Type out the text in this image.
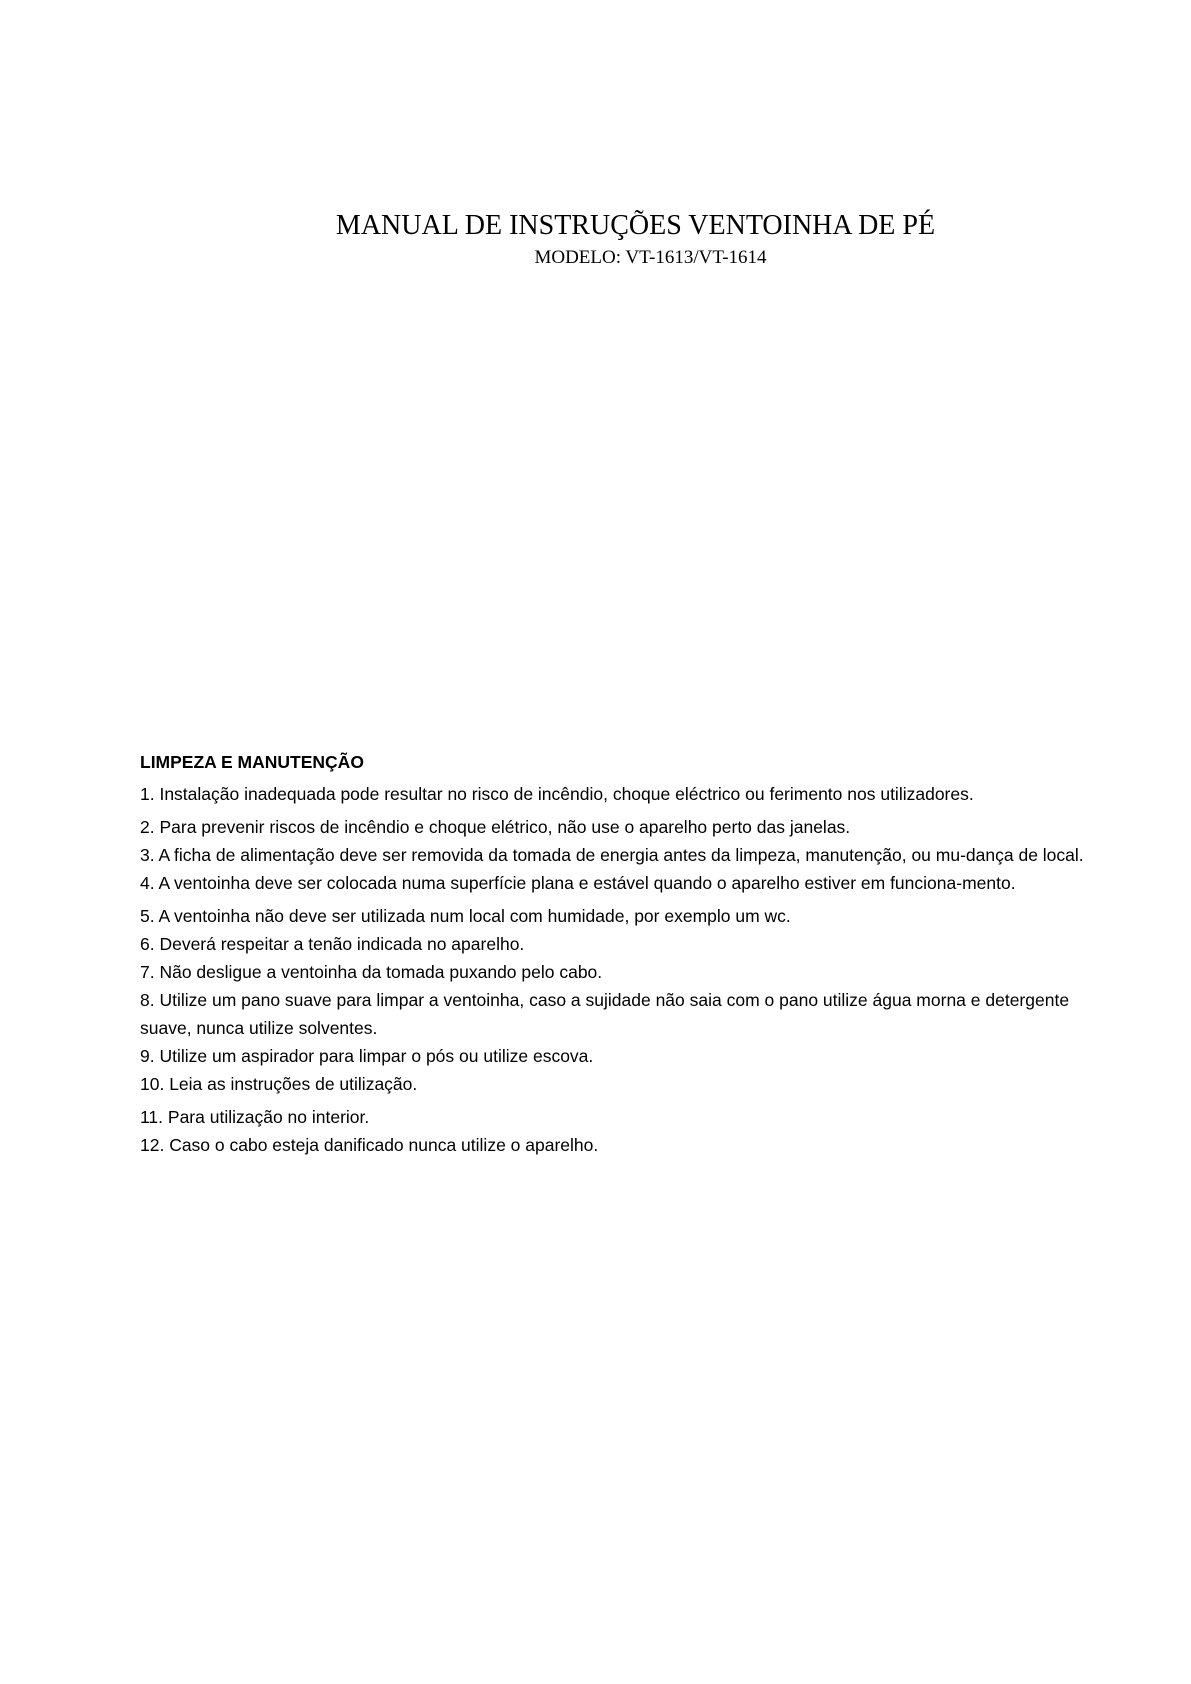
MANUAL DE INSTRUÇÕES VENTOINHA DE PÉ

MODELO: VT-1613/VT-1614

LIMPEZA E MANUTENÇÃO

1. Instalação inadequada pode resultar no risco de incêndio, choque eléctrico ou ferimento nos utilizadores.
2. Para prevenir riscos de incêndio e choque elétrico, não use o aparelho perto das janelas.
3. A ficha de alimentação deve ser removida da tomada de energia antes da limpeza, manutenção, ou mu-dança de local.
4. A ventoinha deve ser colocada numa superfície plana e estável quando o aparelho estiver em funciona-mento.
5. A ventoinha não deve ser utilizada num local com humidade, por exemplo um wc.
6. Deverá respeitar a tenão indicada no aparelho.
7. Não desligue a ventoinha da tomada puxando pelo cabo.
8. Utilize um pano suave para limpar a ventoinha, caso a sujidade não saia com o pano utilize água morna e detergente suave, nunca utilize solventes.
9. Utilize um aspirador para limpar o pós ou utilize escova.
10. Leia as instruções de utilização.
11. Para utilização no interior.
12. Caso o cabo esteja danificado nunca utilize o aparelho.
